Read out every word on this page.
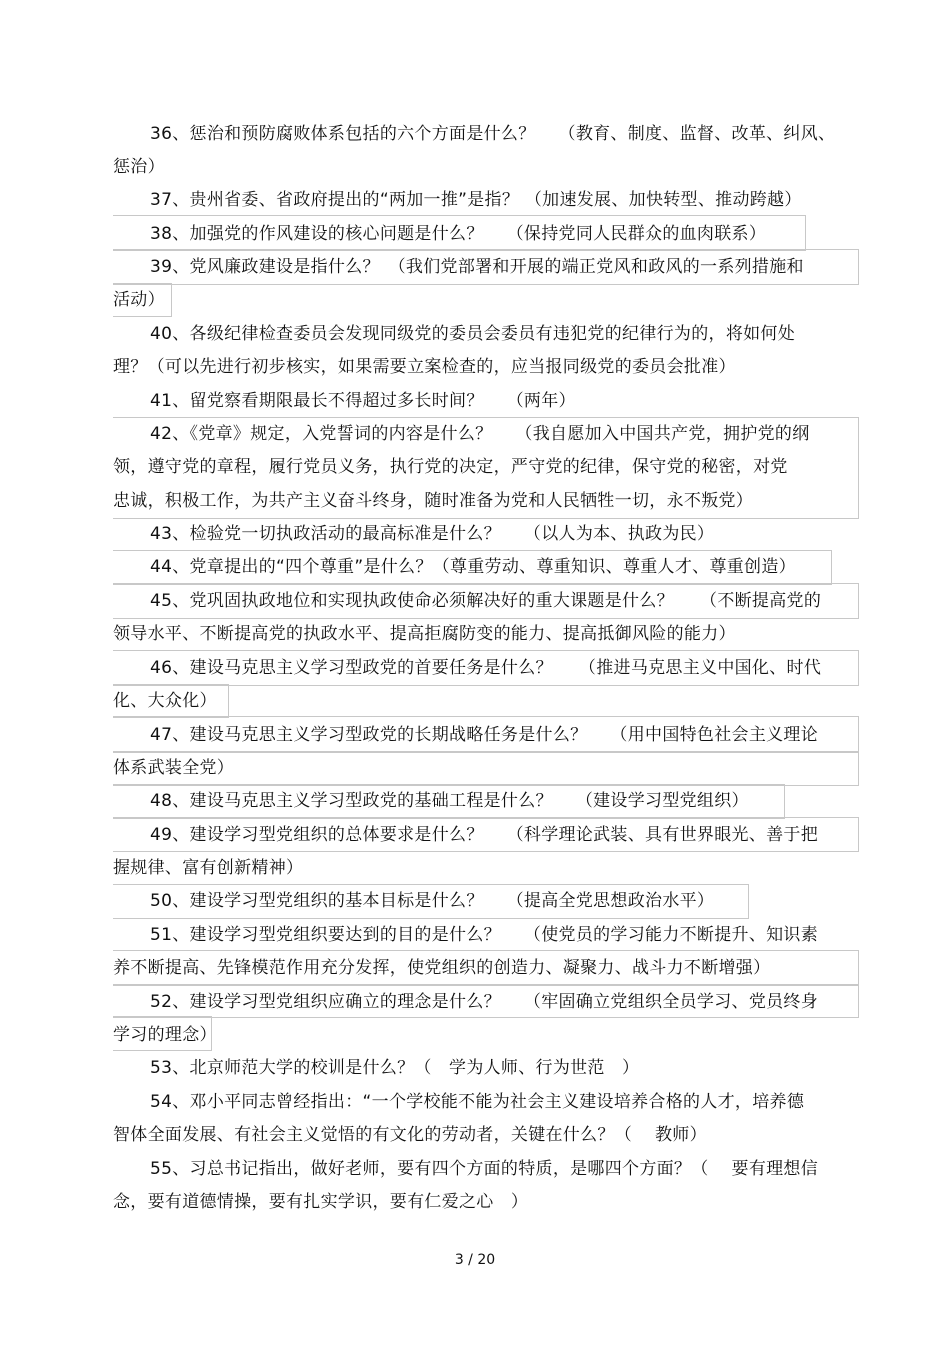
36、惩治和预防腐败体系包括的六个方面是什么？　 （教育、制度、监督、改革、纠风、
惩治）
37、贵州省委、省政府提出的“两加一推”是指？ （加速发展、加快转型、推动跨越）
38、加强党的作风建设的核心问题是什么？　 （保持党同人民群众的血肉联系）
39、党风廉政建设是指什么？　（我们党部署和开展的端正党风和政风的一系列措施和
活动）
40、各级纪律检查委员会发现同级党的委员会委员有违犯党的纪律行为的，将如何处
理？（可以先进行初步核实，如果需要立案检查的，应当报同级党的委员会批准）
41、留党察看期限最长不得超过多长时间？　 （两年）
42、《党章》规定，入党誓词的内容是什么？　 （我自愿加入中国共产党，拥护党的纲
领，遵守党的章程，履行党员义务，执行党的决定，严守党的纪律，保守党的秘密，对党
忠诚，积极工作，为共产主义奋斗终身，随时准备为党和人民牺牲一切，永不叛党）
43、检验党一切执政活动的最高标准是什么？　 （以人为本、执政为民）
44、党章提出的“四个尊重”是什么？（尊重劳动、尊重知识、尊重人才、尊重创造）
45、党巩固执政地位和实现执政使命必须解决好的重大课题是什么？　　（不断提高党的
领导水平、不断提高党的执政水平、提高拒腐防变的能力、提高抵御风险的能力）
46、建设马克思主义学习型政党的首要任务是什么？　　（推进马克思主义中国化、时代
化、大众化）
47、建设马克思主义学习型政党的长期战略任务是什么？　 （用中国特色社会主义理论
体系武装全党）
48、建设马克思主义学习型政党的基础工程是什么？　 （建设学习型党组织）
49、建设学习型党组织的总体要求是什么？　 （科学理论武装、具有世界眼光、善于把
握规律、富有创新精神）
50、建设学习型党组织的基本目标是什么？　 （提高全党思想政治水平）
51、建设学习型党组织要达到的目的是什么？　 （使党员的学习能力不断提升、知识素
养不断提高、先锋模范作用充分发挥，使党组织的创造力、凝聚力、战斗力不断增强）
52、建设学习型党组织应确立的理念是什么？　 （牢固确立党组织全员学习、党员终身
学习的理念）
53、北京师范大学的校训是什么？（　学为人师、行为世范　）
54、邓小平同志曾经指出：“一个学校能不能为社会主义建设培养合格的人才，培养德
智体全面发展、有社会主义觉悟的有文化的劳动者，关键在什么？（　 教师）
55、习总书记指出，做好老师，要有四个方面的特质，是哪四个方面？（　 要有理想信
念，要有道德情操，要有扎实学识，要有仁爱之心　）
3 / 20
